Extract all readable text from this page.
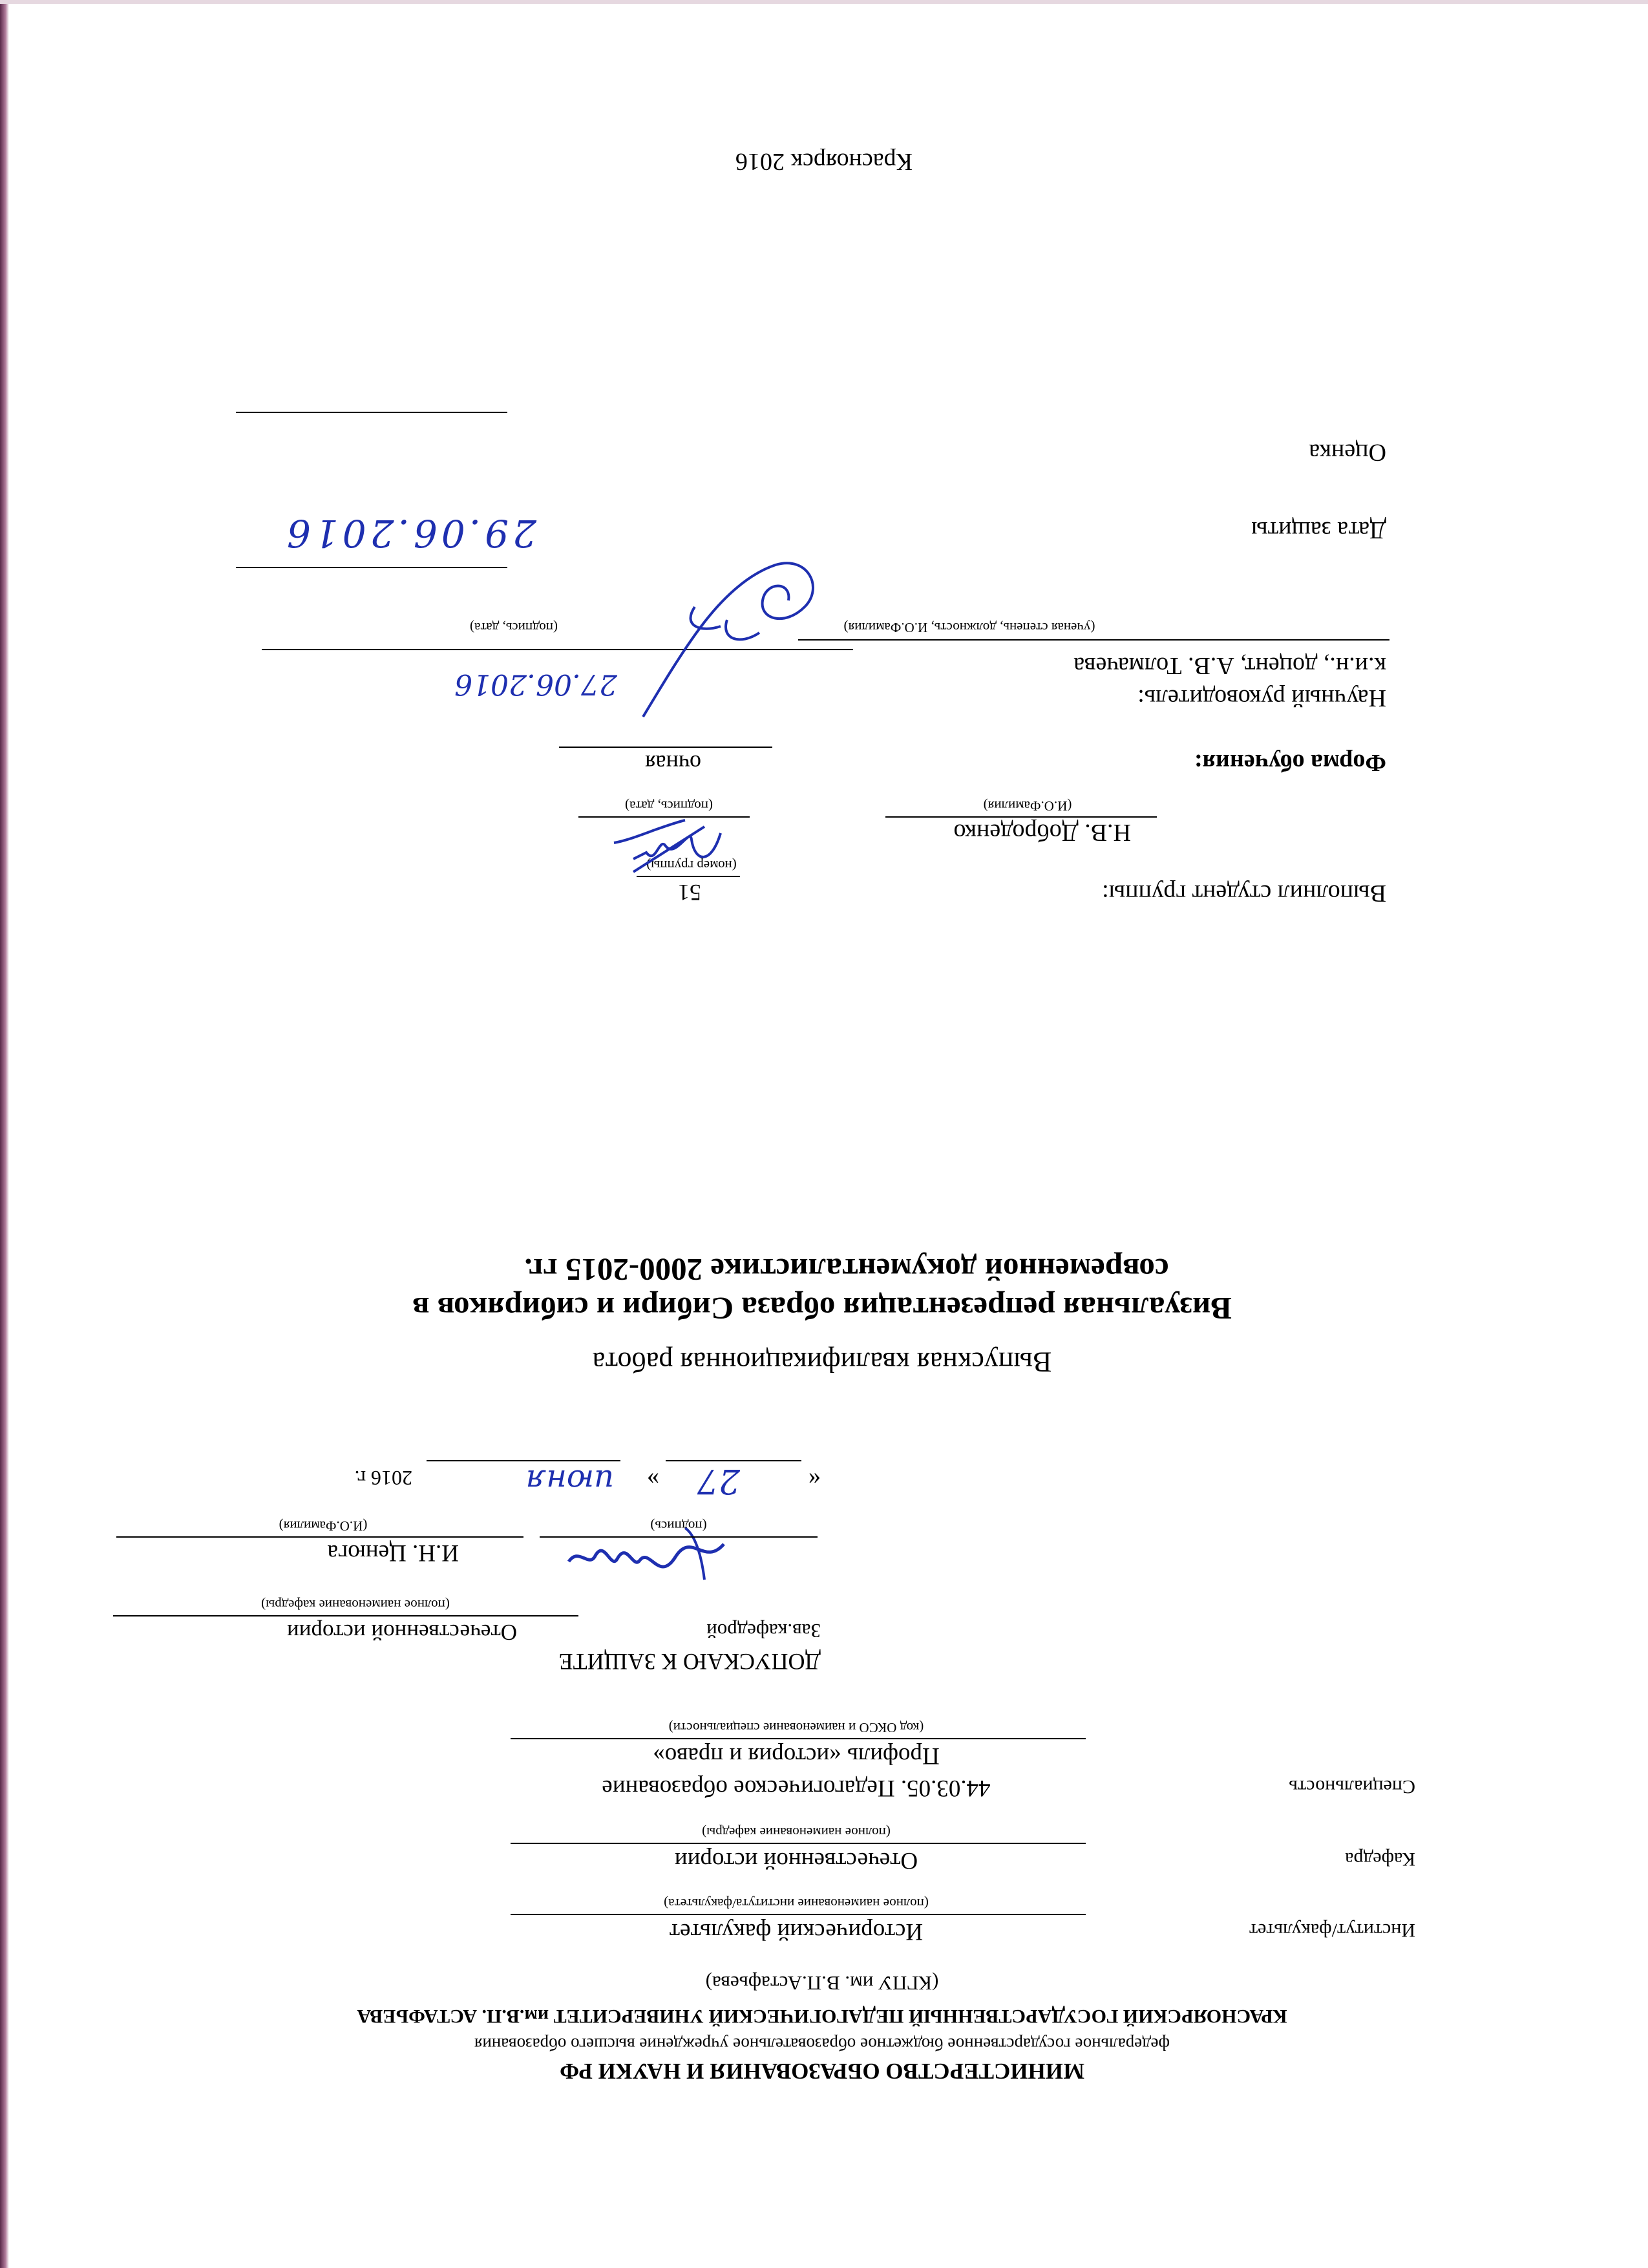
МИНИСТЕРСТВО ОБРАЗОВАНИЯ И НАУКИ РФ
федеральное государственное бюджетное образовательное учреждение высшего образования
КРАСНОЯРСКИЙ ГОСУДАРСТВЕННЫЙ ПЕДАГОГИЧЕСКИЙ УНИВЕРСИТЕТ им.В.П. АСТАФЬЕВА
(КГПУ им. В.П.Астафьева)
Институт/факультет
Исторический факультет
(полное наименование института/факультета)
Кафедра
Отечественной истории
(полное наименование кафедры)
Специальность
44.03.05. Педагогическое образование
Профиль «история и право»
(код ОКСО и наименование специальности)
ДОПУСКАЮ К ЗАЩИТЕ
Зав.кафедрой
Отечественной истории
(полное наименование кафедры)
(подпись)
И.Н. Ценюга
(И.О.Фамилия)
«
27
»
июня
2016 г.
Выпускная квалификационная работа
Визуальная репрезентация образа Сибири и сибиряков в
современной документалистике 2000-2015 гг.
Выполнил студент группы:
51
(номер группы)
Н.В. Доброденко
(И.О.Фамилия)
(подпись, дата)
Форма обучения:
очная
Научный руководитель:
к.и.н., доцент, А.В. Толмачева
(ученая степень, должность, И.О.Фамилия)
27.06.2016
(подпись, дата)
Дата защиты
29.06.2016
Оценка
Красноярск 2016
